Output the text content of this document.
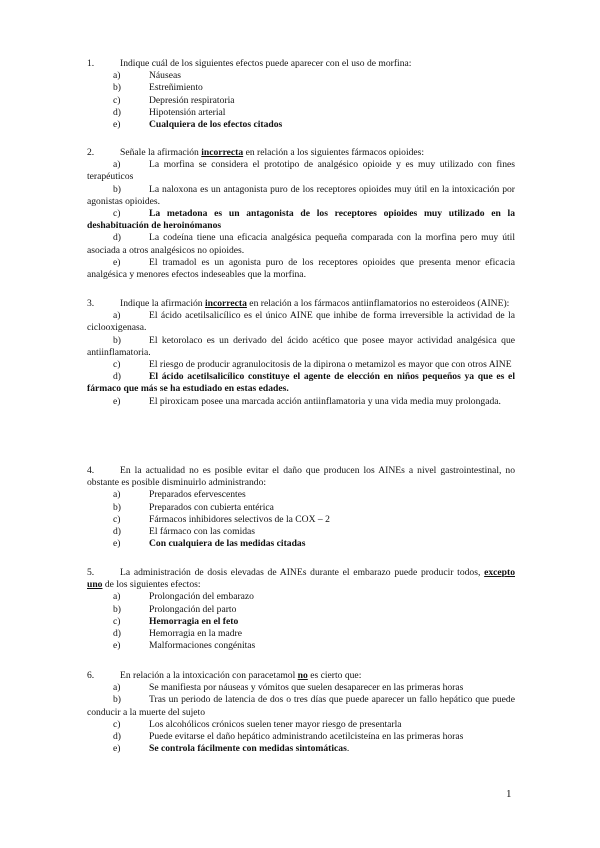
1.	Indique cuál de los siguientes efectos puede aparecer con el uso de morfina:
a)	Náuseas
b)	Estreñimiento
c)	Depresión respiratoria
d)	Hipotensión arterial
e)	Cualquiera de los efectos citados
2.	Señale la afirmación incorrecta en relación a los siguientes fármacos opioides:
a)	La morfina se considera el prototipo de analgésico opioide y es muy utilizado con fines terapéuticos
b)	La naloxona es un antagonista puro de los receptores opioides muy útil en la intoxicación por agonistas opioides.
c)	La metadona es un antagonista de los receptores opioides muy utilizado en la deshabituación de heroinómanos
d)	La codeína tiene una eficacia analgésica pequeña comparada con la morfina pero muy útil asociada a otros analgésicos no opioides.
e)	El tramadol es un agonista puro de los receptores opioides que presenta menor eficacia analgésica y menores efectos indeseables que la morfina.
3.	Indique la afirmación incorrecta en relación a los fármacos antiinflamatorios no esteroideos (AINE):
a)	El ácido acetilsalicílico es el único AINE que inhibe de forma irreversible la actividad de la ciclooxigenasa.
b)	El ketorolaco es un derivado del ácido acético que posee mayor actividad analgésica que antiinflamatoria.
c)	El riesgo de producir agranulocitosis de la dipirona o metamizol es mayor que con otros AINE
d)	El ácido acetilsalicílico constituye el agente de elección en niños pequeños ya que es el fármaco que más se ha estudiado en estas edades.
e)	El piroxicam posee una marcada acción antiinflamatoria y una vida media muy prolongada.
4.	En la actualidad no es posible evitar el daño que producen los AINEs a nivel gastrointestinal, no obstante es posible disminuirlo administrando:
a)	Preparados efervescentes
b)	Preparados con cubierta entérica
c)	Fármacos inhibidores selectivos de la COX – 2
d)	El fármaco con las comidas
e)	Con cualquiera de las medidas citadas
5.	La administración de dosis elevadas de AINEs durante el embarazo puede producir todos, excepto uno de los siguientes efectos:
a)	Prolongación del embarazo
b)	Prolongación del parto
c)	Hemorragia en el feto
d)	Hemorragia en la madre
e)	Malformaciones congénitas
6.	En relación a la intoxicación con paracetamol no es cierto que:
a)	Se manifiesta por náuseas y vómitos que suelen desaparecer en las primeras horas
b)	Tras un periodo de latencia de dos o tres días que puede aparecer un fallo hepático que puede conducir a la muerte del sujeto
c)	Los alcohólicos crónicos suelen tener mayor riesgo de presentarla
d)	Puede evitarse el daño hepático administrando acetilcisteína en las primeras horas
e)	Se controla fácilmente con medidas sintomáticas.
1
